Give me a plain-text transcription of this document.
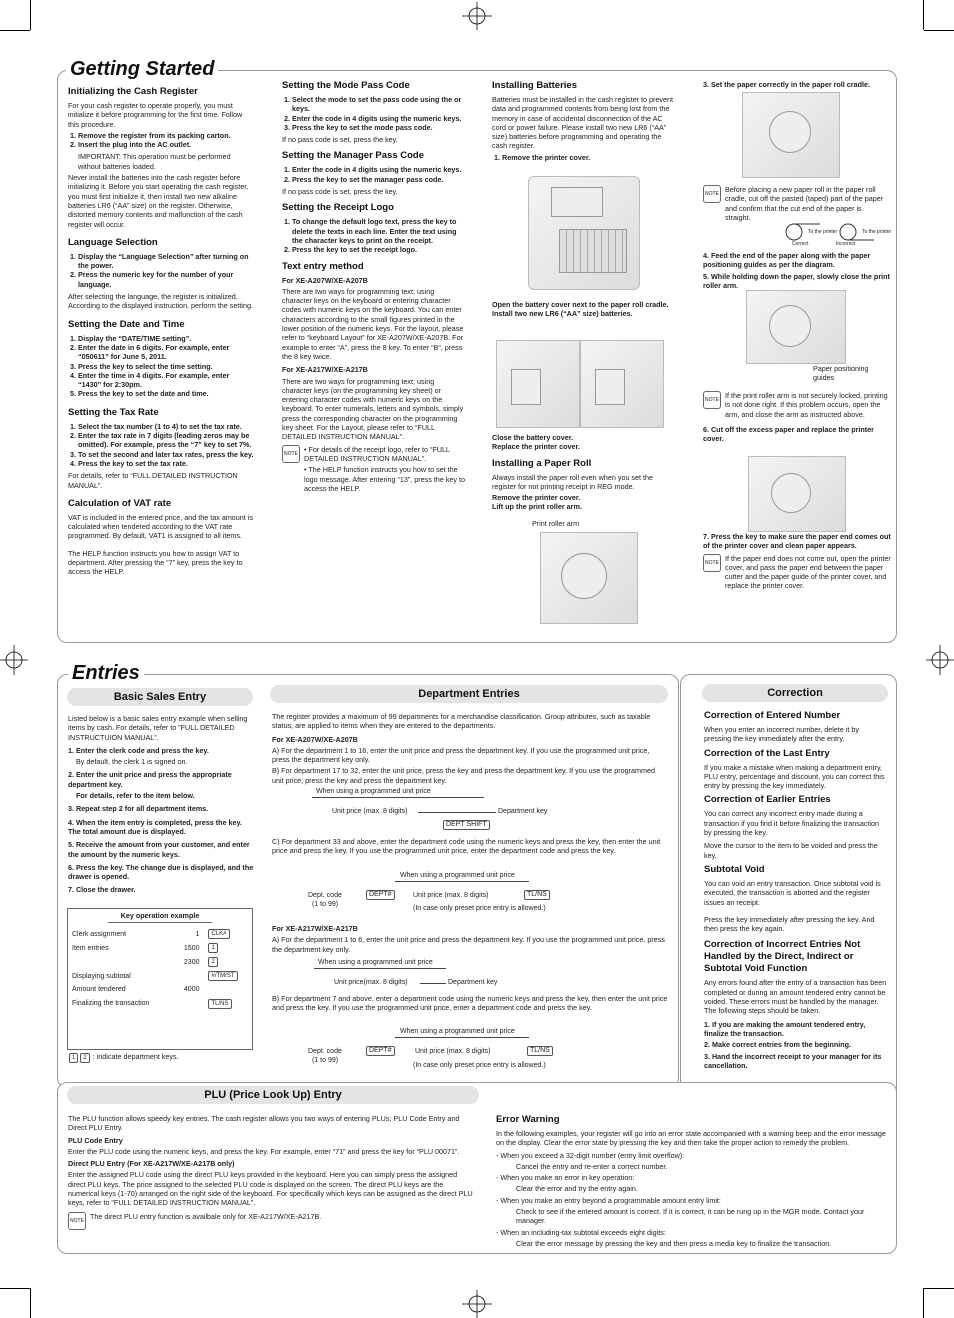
Getting Started
Initializing the Cash Register

For your cash register to operate properly, you must initialize it before programming for the first time. Follow this procedure.

1. Remove the register from its packing carton.
2. Insert the plug into the AC outlet.

IMPORTANT: This operation must be performed without batteries loaded.

Never install the batteries into the cash register before initializing it. Before you start operating the cash register, you must first initialize it, then install two new alkaline batteries LR6 (“AA” size) on the register. Otherwise, distorted memory contents and malfunction of the cash register will occur.

Language Selection
1. Display the “Language Selection” after turning on the power.
2. Press the numeric key for the number of your language.

After selecting the language, the register is initialized. According to the displayed instruction, perform the setting.

Setting the Date and Time
1. Display the “DATE/TIME setting”.
2. Enter the date in 6 digits. For example, enter “050611” for June 5, 2011.
3. Press the key to select the time setting.
4. Enter the time in 4 digits. For example, enter “1430” for 2:30pm.
5. Press the key to set the date and time.
Setting the Tax Rate
1. Select the tax number (1 to 4) to set the tax rate.
2. Enter the tax rate in 7 digits (leading zeros may be omitted). For example, press the “7” key to set 7%.
3. To set the second and later tax rates, press the key.
4. Press the key to set the tax rate.

For details, refer to “FULL DETAILED INSTRUCTION MANUAL”.

Calculation of VAT rate

VAT is included in the entered price, and the tax amount is calculated when tendered according to the VAT rate programmed. By default, VAT1 is assigned to all items.

The HELP function instructs you how to assign VAT to department. After pressing the “7” key, press the key to access the HELP.

Setting the Mode Pass Code
1. Select the mode to set the pass code using the or keys.
2. Enter the code in 4 digits using the numeric keys.
3. Press the key to set the mode pass code.

If no pass code is set, press the key.

Setting the Manager Pass Code
1. Enter the code in 4 digits using the numeric keys.
2. Press the key to set the manager pass code.

If no pass code is set, press the key.

Setting the Receipt Logo
1. To change the default logo text, press the key to delete the texts in each line. Enter the text using the character keys to print on the receipt.
2. Press the key to set the receipt logo.
Text entry method

For XE-A207W/XE-A207B

There are two ways for programming text; using character keys on the keyboard or entering character codes with numeric keys on the keyboard. You can enter characters according to the small figures printed in the lower position of the numeric keys. For the layout, please refer to “keyboard Layout” for XE-A207W/XE-A207B. For example to enter “A”, press the 8 key. To enter “B”, press the 8 key twice.

For XE-A217W/XE-A217B

There are two ways for programming text; using character keys (on the programming key sheet) or entering character codes with numeric keys on the keyboard. To enter numerals, letters and symbols, simply press the corresponding character on the programming key sheet. For the Layout, please refer to “FULL DETAILED INSTRUCTION MANUAL”.

NOTE • For details of the receipt logo, refer to “FULL DETAILED INSTRUCTION MANUAL”.

• The HELP function instructs you how to set the logo message. After entering “13”, press the key to access the HELP.

Installing Batteries

Batteries must be installed in the cash register to prevent data and programmed contents from being lost from the memory in case of accidental disconnection of the AC cord or power failure. Please install two new LR6 (“AA” size) batteries before programming and operating the cash register.

1. Remove the printer cover.
Open the battery cover next to the paper roll cradle.
Install two new LR6 (“AA” size) batteries.
Close the battery cover.
Replace the printer cover.
Installing a Paper Roll

Always install the paper roll even when you set the register for not printing receipt in REG mode.

Remove the printer cover.
Lift up the print roller arm.
Print roller arm
3. Set the paper correctly in the paper roll cradle.
NOTE Before placing a new paper roll in the paper roll cradle, cut off the pasted (taped) part of the paper and confirm that the cut end of the paper is straight.

Correct	Incorrect
To the printer	To the printer

4. Feed the end of the paper along with the paper positioning guides as per the diagram.

5. While holding down the paper, slowly close the print roller arm.

Paper positioning guides
NOTE If the print roller arm is not securely locked, printing is not done right. If this problem occurs, open the arm, and close the arm as instructed above.

6. Cut off the excess paper and replace the printer cover.

7. Press the key to make sure the paper end comes out of the printer cover and clean paper appears.

NOTE If the paper end does not come out, open the printer cover, and pass the paper end between the paper cutter and the paper guide of the printer cover, and replace the printer cover.

Entries
Basic Sales Entry

Listed below is a basic sales entry example when selling items by cash. For details, refer to “FULL DETAILED INSTRUCTUION MANUAL”.

1. Enter the clerk code and press the key.

By default, the clerk 1 is signed on.

2. Enter the unit price and press the appropriate department key.

For details, refer to the item below.

3. Repeat step 2 for all department items.

4. When the item entry is completed, press the key. The total amount due is displayed.

5. Receive the amount from your customer, and enter the amount by the numeric keys.

6. Press the key. The change due is displayed, and the drawer is opened.

7. Close the drawer.

Key operation example
Clerk assignment	1	CLK#
Item entries	1500	1
	2300	2
Displaying subtotal		#/TM/ST
Amount tendered	4000	
Finalizing the transaction		TL/NS
1 2 : indicate department keys.
Department Entries

The register provides a maximum of 99 departments for a merchandise classification. Group attributes, such as taxable status, are applied to items when they are entered to the departments.

For XE-A207W/XE-A207B

A) For the department 1 to 16, enter the unit price and press the department key. If you use the programmed unit price, press the department key only.

B) For department 17 to 32, enter the unit price, press the key and press the department key. If you use the programmed unit price, press the key and press the department key.

When using a programmed unit price
Unit price (max. 8 digits)	Department key
DEPT SHIFT

C) For department 33 and above, enter the department code using the numeric keys and press the key, then enter the unit price and press the key. If you use the programmed unit price, enter the department code and press the key.

When using a programmed unit price
Dept. code
(1 to 99)
DEPT#	Unit price (max. 8 digits)	TL/NS
(In case only preset price entry is allowed.)

For XE-A217W/XE-A217B

A) For the department 1 to 6, enter the unit price and press the department key. If you use the programmed unit price, press the department key only.

When using a programmed unit price
Unit price(max. 8 digits)	Department key

B) For department 7 and above, enter a department code using the numeric keys and press the key, then enter the unit price and press the key. If you use the programmed unit price, enter a department code and press the key.

When using a programmed unit price
Dept. code
(1 to 99)
DEPT#	Unit price (max. 8 digits)	TL/NS
(In case only preset price entry is allowed.)
Correction
Correction of Entered Number

When you enter an incorrect number, delete it by pressing the key immediately after the entry.

Correction of the Last Entry

If you make a mistake when making a department entry, PLU entry, percentage and discount, you can correct this entry by pressing the key immediately.

Correction of Earlier Entries

You can correct any incorrect entry made during a transaction if you find it before finalizing the transaction by pressing the key.

Move the cursor to the item to be voided and press the key.

Subtotal Void

You can void an entry transaction. Once subtotal void is executed, the transaction is aborted and the register issues an receipt.

Press the key immediately after pressing the key. And then press the key again.

Correction of Incorrect Entries Not Handled by the Direct, Indirect or Subtotal Void Function

Any errors found after the entry of a transaction has been completed or during an amount tendered entry cannot be voided. These errors must be handled by the manager. The following steps should be taken.

1. If you are making the amount tendered entry, finalize the transaction.

2. Make correct entries from the beginning.

3. Hand the incorrect receipt to your manager for its cancellation.

PLU (Price Look Up) Entry

The PLU function allows speedy key entries. The cash register allows you two ways of entering PLUs; PLU Code Entry and Direct PLU Entry.

PLU Code Entry

Enter the PLU code using the numeric keys, and press the key. For example, enter “71” and press the key for “PLU 00071”.

Direct PLU Entry (For XE-A217W/XE-A217B only)

Enter the assigned PLU code using the direct PLU keys provided in the keyboard. Here you can simply press the assigned direct PLU keys. The price assigned to the selected PLU code is displayed on the screen. The direct PLU keys are the numerical keys (1-70) arranged on the right side of the keyboard. For specifically which keys can be assigned as the direct PLU keys, refer to “FULL DETAILED INSTRUCTION MANUAL”.

NOTE The direct PLU entry function is availbale only for XE-A217W/XE-A217B.

Error Warning

In the following examples, your register will go into an error state accompanied with a warning beep and the error message on the display. Clear the error state by pressing the key and then take the proper action to remedy the problem.

- When you exceed a 32-digit number (entry limit overflow):

Cancel the entry and re-enter a correct number.

- When you make an error in key operation:

Clear the error and try the entry again.

- When you make an entry beyond a programmable amount entry limit:

Check to see if the entered amount is correct. If it is correct, it can be rung up in the MGR mode. Contact your manager.

- When an including-tax subtotal exceeds eight digits:

Clear the error message by pressing the key and then press a media key to finalize the transaction.
